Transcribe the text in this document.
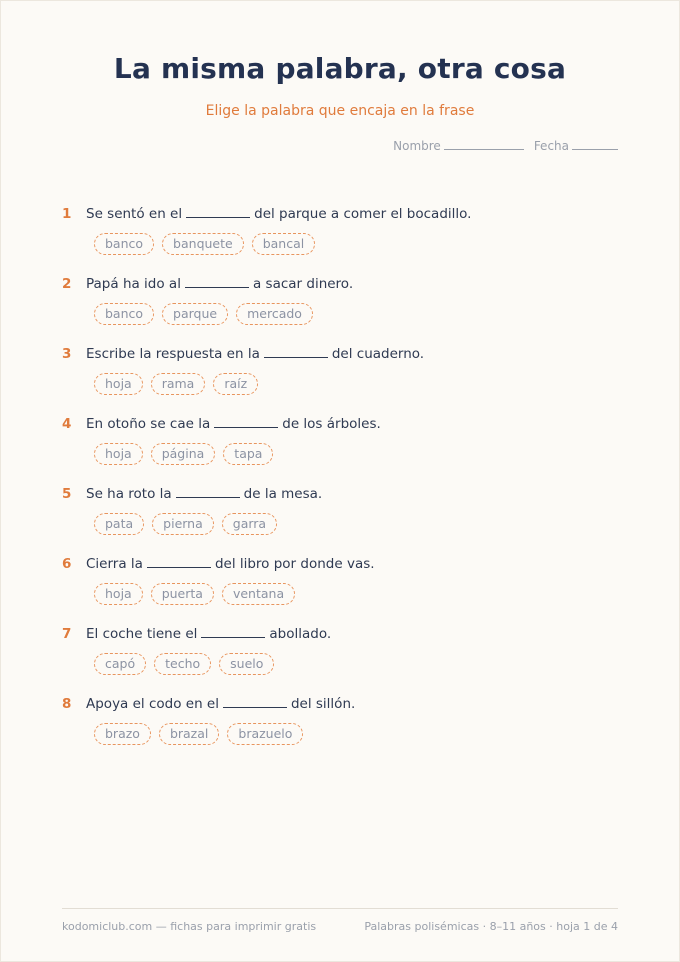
La misma palabra, otra cosa
Elige la palabra que encaja en la frase
Nombre	Fecha
1	Se sentó en el	del parque a comer el bocadillo.
banco	banquete	bancal
2	Papá ha ido al	a sacar dinero.
banco	parque	mercado
3	Escribe la respuesta en la	del cuaderno.
hoja	rama	raíz
4	En otoño se cae la	de los árboles.
hoja	página	tapa
5	Se ha roto la	de la mesa.
pata	pierna	garra
6	Cierra la	del libro por donde vas.
hoja	puerta	ventana
7	El coche tiene el	abollado.
capó	techo	suelo
8	Apoya el codo en el	del sillón.
brazo	brazal	brazuelo
kodomiclub.com — fichas para imprimir gratis	Palabras polisémicas · 8–11 años · hoja 1 de 4
